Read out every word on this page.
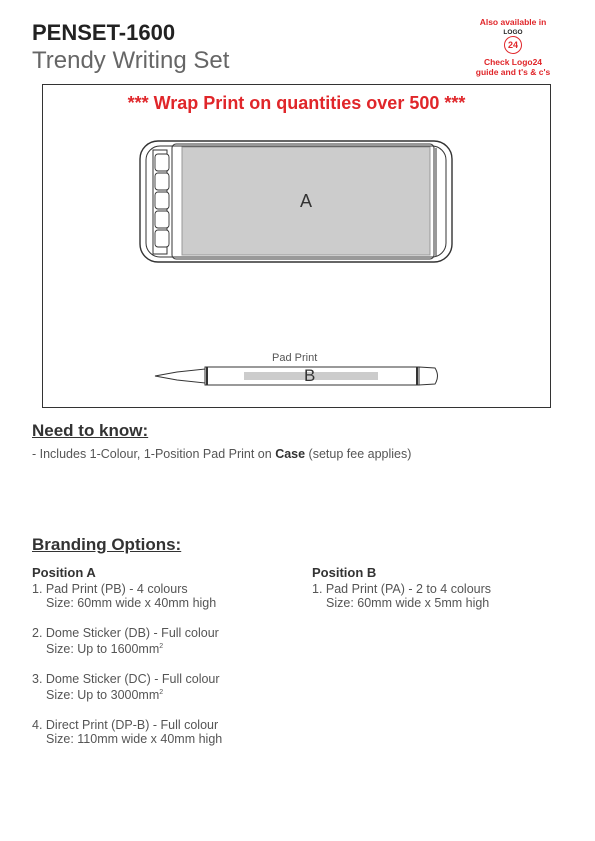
PENSET-1600
Trendy Writing Set
Also available in
LOGO
24
Check Logo24
guide and t's & c's
*** Wrap Print on quantities over 500 ***
A
Pad Print
B
Need to know:
- Includes 1-Colour, 1-Position Pad Print on Case (setup fee applies)
Branding Options:
Position A
1. Pad Print (PB) - 4 colours
Size: 60mm wide x 40mm high
2. Dome Sticker (DB) - Full colour
Size: Up to $1600mm^2$
3. Dome Sticker (DC) - Full colour
Size: Up to $3000mm^2$
4. Direct Print (DP-B) - Full colour
Size: 110mm wide x 40mm high
Position B
1. Pad Print (PA) - 2 to 4 colours
Size: 60mm wide x 5mm high
